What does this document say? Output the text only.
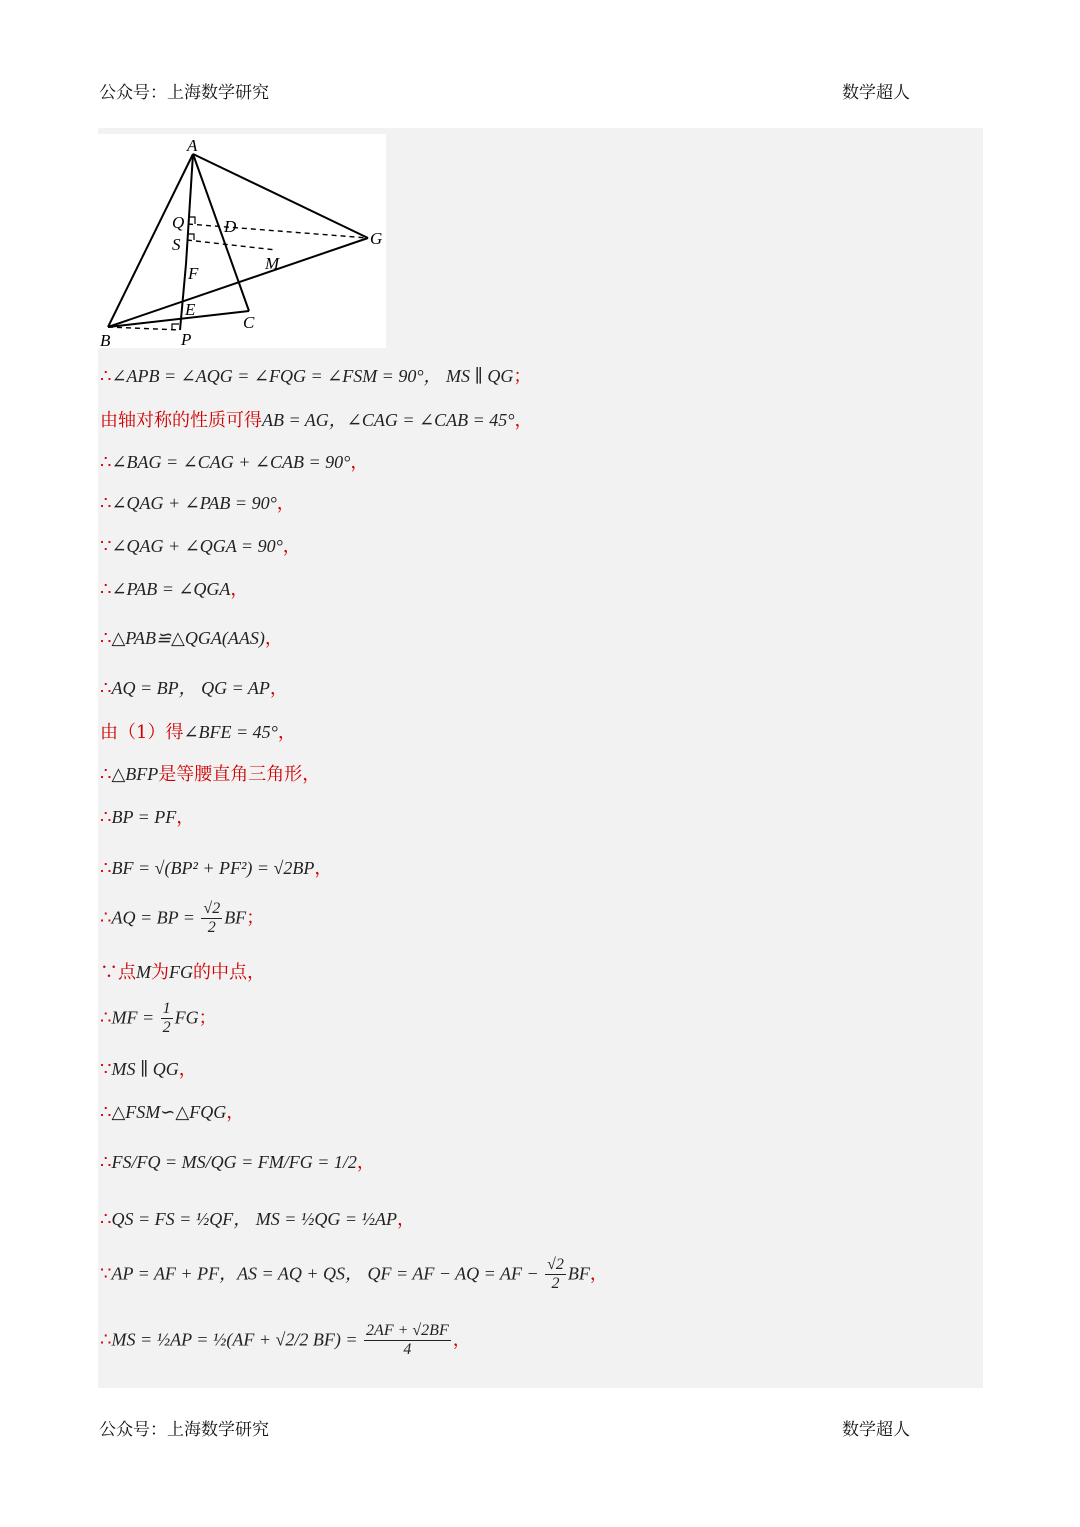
公众号：上海数学研究	数学超人
A
Q D
G
S
M
F
E
C
B	P
∴∠APB = ∠AQG = ∠FQG = ∠FSM = 90°， MS ∥ QG；
由轴对称的性质可得AB = AG，∠CAG = ∠CAB = 45°，
∴∠BAG = ∠CAG + ∠CAB = 90°，
∴∠QAG + ∠PAB = 90°，
∵∠QAG + ∠QGA = 90°，
∴∠PAB = ∠QGA，
∴△PAB≌△QGA(AAS)，
∴AQ = BP， QG = AP，
由（1）得∠BFE = 45°，
∴△BFP是等腰直角三角形，
∴BP = PF，
∴BF = √(BP² + PF²) = √2BP，
∴AQ = BP = $\frac{√2}{2}$ BF；
∵点M为FG的中点，
∴MF = $\frac{1}{2}$ FG；
∵MS ∥ QG，
∴△FSM∽△FQG，
∴FS/FQ = MS/QG = FM/FG = 1/2，
∴QS = FS = ½QF， MS = ½QG = ½AP，
∵AP = AF + PF，AS = AQ + QS， QF = AF − AQ = AF − $\frac{√2}{2}$ BF，
∴MS = ½AP = ½(AF + √2/2 $BF) = \frac{2AF + √2BF}{4}$ ，
公众号：上海数学研究	数学超人
